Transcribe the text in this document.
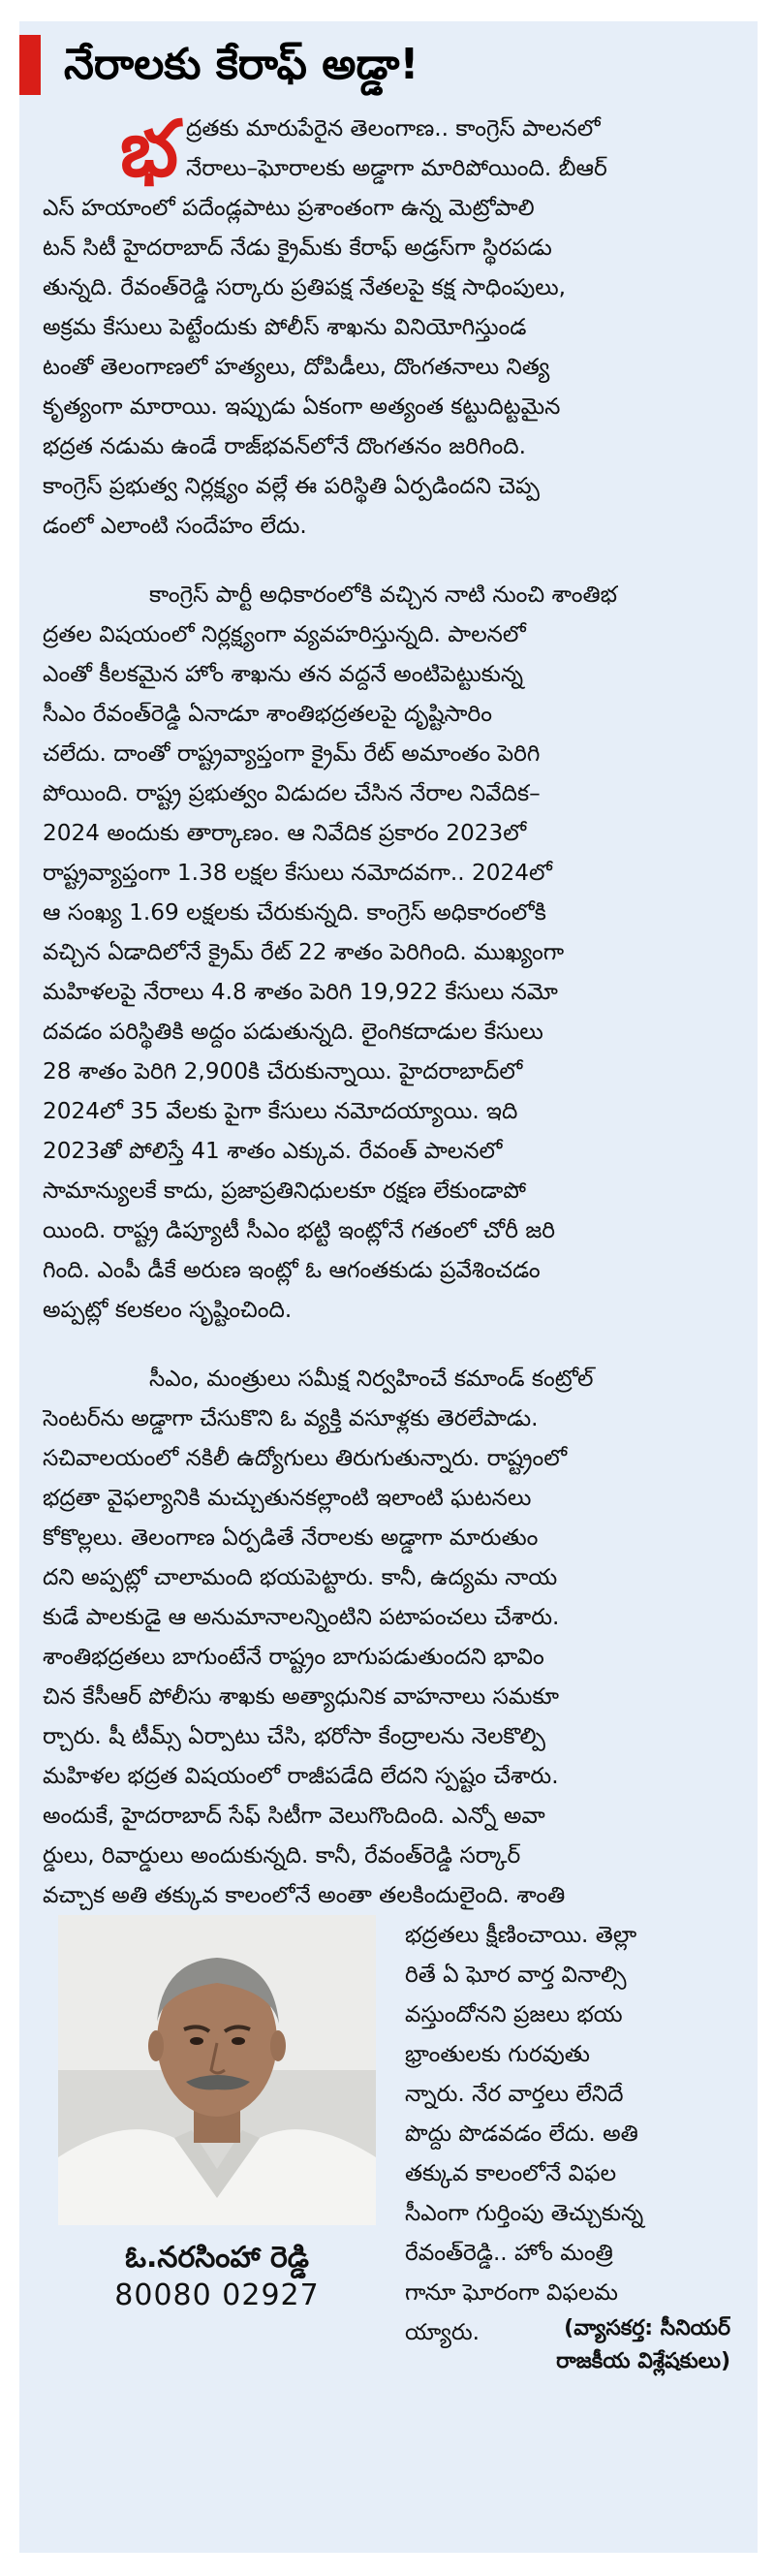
నేరాలకు కేరాఫ్ అడ్డా!
భ ద్రతకు మారుపేరైన తెలంగాణ.. కాంగ్రెస్ పాలనలో
నేరాలు–ఘోరాలకు అడ్డాగా మారిపోయింది. బీఆర్
ఎస్ హయాంలో పదేండ్లపాటు ప్రశాంతంగా ఉన్న మెట్రోపాలి
టన్ సిటీ హైదరాబాద్ నేడు క్రైమ్‌కు కేరాఫ్ అడ్రస్‌గా స్థిరపడు
తున్నది. రేవంత్‌రెడ్డి సర్కారు ప్రతిపక్ష నేతలపై కక్ష సాధింపులు,
అక్రమ కేసులు పెట్టేందుకు పోలీస్ శాఖను వినియోగిస్తుండ
టంతో తెలంగాణలో హత్యలు, దోపిడీలు, దొంగతనాలు నిత్య
కృత్యంగా మారాయి. ఇప్పుడు ఏకంగా అత్యంత కట్టుదిట్టమైన
భద్రత నడుమ ఉండే రాజ్‌భవన్‌లోనే దొంగతనం జరిగింది.
కాంగ్రెస్ ప్రభుత్వ నిర్లక్ష్యం వల్లే ఈ పరిస్థితి ఏర్పడిందని చెప్ప
డంలో ఎలాంటి సందేహం లేదు.
కాంగ్రెస్ పార్టీ అధికారంలోకి వచ్చిన నాటి నుంచి శాంతిభ
ద్రతల విషయంలో నిర్లక్ష్యంగా వ్యవహరిస్తున్నది. పాలనలో
ఎంతో కీలకమైన హోం శాఖను తన వద్దనే అంటిపెట్టుకున్న
సీఎం రేవంత్‌రెడ్డి ఏనాడూ శాంతిభద్రతలపై దృష్టిసారిం
చలేదు. దాంతో రాష్ట్రవ్యాప్తంగా క్రైమ్ రేట్ అమాంతం పెరిగి
పోయింది. రాష్ట్ర ప్రభుత్వం విడుదల చేసిన నేరాల నివేదిక–
2024 అందుకు తార్కాణం. ఆ నివేదిక ప్రకారం 2023లో
రాష్ట్రవ్యాప్తంగా 1.38 లక్షల కేసులు నమోదవగా.. 2024లో
ఆ సంఖ్య 1.69 లక్షలకు చేరుకున్నది. కాంగ్రెస్ అధికారంలోకి
వచ్చిన ఏడాదిలోనే క్రైమ్ రేట్ 22 శాతం పెరిగింది. ముఖ్యంగా
మహిళలపై నేరాలు 4.8 శాతం పెరిగి 19,922 కేసులు నమో
దవడం పరిస్థితికి అద్దం పడుతున్నది. లైంగికదాడుల కేసులు
28 శాతం పెరిగి 2,900కి చేరుకున్నాయి. హైదరాబాద్‌లో
2024లో 35 వేలకు పైగా కేసులు నమోదయ్యాయి. ఇది
2023తో పోలిస్తే 41 శాతం ఎక్కువ. రేవంత్ పాలనలో
సామాన్యులకే కాదు, ప్రజాప్రతినిధులకూ రక్షణ లేకుండాపో
యింది. రాష్ట్ర డిప్యూటీ సీఎం భట్టి ఇంట్లోనే గతంలో చోరీ జరి
గింది. ఎంపీ డీకే అరుణ ఇంట్లో ఓ ఆగంతకుడు ప్రవేశించడం
అప్పట్లో కలకలం సృష్టించింది.
సీఎం, మంత్రులు సమీక్ష నిర్వహించే కమాండ్ కంట్రోల్
సెంటర్‌ను అడ్డాగా చేసుకొని ఓ వ్యక్తి వసూళ్లకు తెరలేపాడు.
సచివాలయంలో నకిలీ ఉద్యోగులు తిరుగుతున్నారు. రాష్ట్రంలో
భద్రతా వైఫల్యానికి మచ్చుతునకల్లాంటి ఇలాంటి ఘటనలు
కోకొల్లలు. తెలంగాణ ఏర్పడితే నేరాలకు అడ్డాగా మారుతుం
దని అప్పట్లో చాలామంది భయపెట్టారు. కానీ, ఉద్యమ నాయ
కుడే పాలకుడై ఆ అనుమానాలన్నింటిని పటాపంచలు చేశారు.
శాంతిభద్రతలు బాగుంటేనే రాష్ట్రం బాగుపడుతుందని భావిం
చిన కేసీఆర్ పోలీసు శాఖకు అత్యాధునిక వాహనాలు సమకూ
ర్చారు. షీ టీమ్స్ ఏర్పాటు చేసి, భరోసా కేంద్రాలను నెలకొల్పి
మహిళల భద్రత విషయంలో రాజీపడేది లేదని స్పష్టం చేశారు.
అందుకే, హైదరాబాద్ సేఫ్ సిటీగా వెలుగొందింది. ఎన్నో అవా
ర్డులు, రివార్డులు అందుకున్నది. కానీ, రేవంత్‌రెడ్డి సర్కార్
వచ్చాక అతి తక్కువ కాలంలోనే అంతా తలకిందులైంది. శాంతి
ఓ.నరసింహా రెడ్డి
80080 02927
భద్రతలు క్షీణించాయి. తెల్లా
రితే ఏ ఘోర వార్త వినాల్సి
వస్తుందోనని ప్రజలు భయ
భ్రాంతులకు గురవుతు
న్నారు. నేర వార్తలు లేనిదే
పొద్దు పొడవడం లేదు. అతి
తక్కువ కాలంలోనే విఫల
సీఎంగా గుర్తింపు తెచ్చుకున్న
రేవంత్‌రెడ్డి.. హోం మంత్రి
గానూ ఘోరంగా విఫలమ
య్యారు.	(వ్యాసకర్త: సీనియర్
రాజకీయ విశ్లేషకులు)
